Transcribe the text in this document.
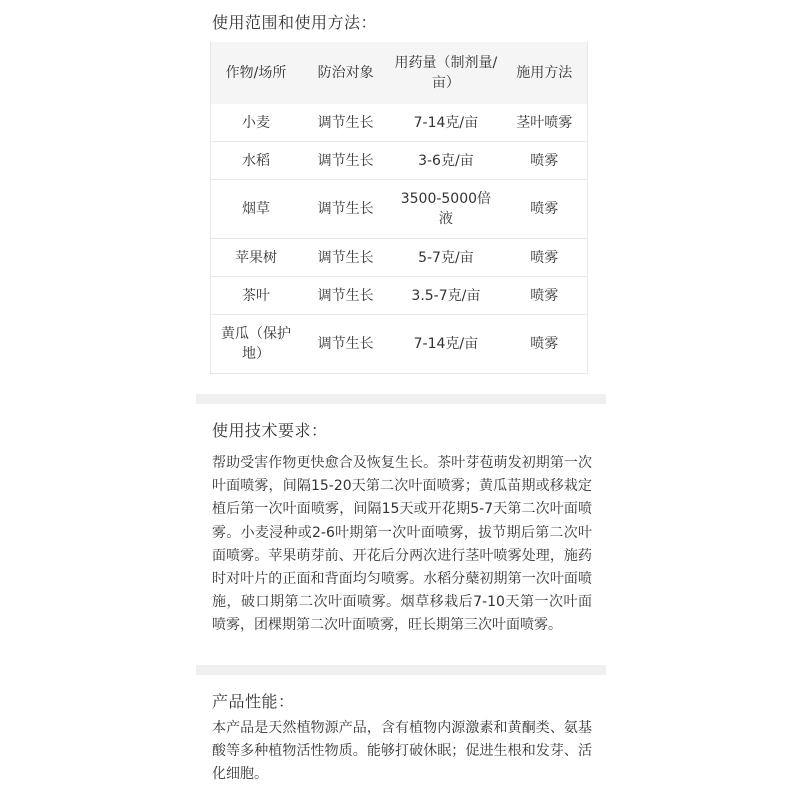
使用范围和使用方法：
作物/场所	防治对象	用药量（制剂量/亩）	施用方法
小麦	调节生长	7-14克/亩	茎叶喷雾
水稻	调节生长	3-6克/亩	喷雾
烟草	调节生长	3500-5000倍液	喷雾
苹果树	调节生长	5-7克/亩	喷雾
茶叶	调节生长	3.5-7克/亩	喷雾
黄瓜（保护地）	调节生长	7-14克/亩	喷雾
使用技术要求：

帮助受害作物更快愈合及恢复生长。茶叶芽苞萌发初期第一次叶面喷雾，间隔15-20天第二次叶面喷雾；黄瓜苗期或移栽定植后第一次叶面喷雾，间隔15天或开花期5-7天第二次叶面喷雾。小麦浸种或2-6叶期第一次叶面喷雾，拔节期后第二次叶面喷雾。苹果萌芽前、开花后分两次进行茎叶喷雾处理，施药时对叶片的正面和背面均匀喷雾。水稻分蘖初期第一次叶面喷施，破口期第二次叶面喷雾。烟草移栽后7-10天第一次叶面喷雾，团棵期第二次叶面喷雾，旺长期第三次叶面喷雾。

产品性能：

本产品是天然植物源产品，含有植物内源激素和黄酮类、氨基酸等多种植物活性物质。能够打破休眠；促进生根和发芽、活化细胞。
